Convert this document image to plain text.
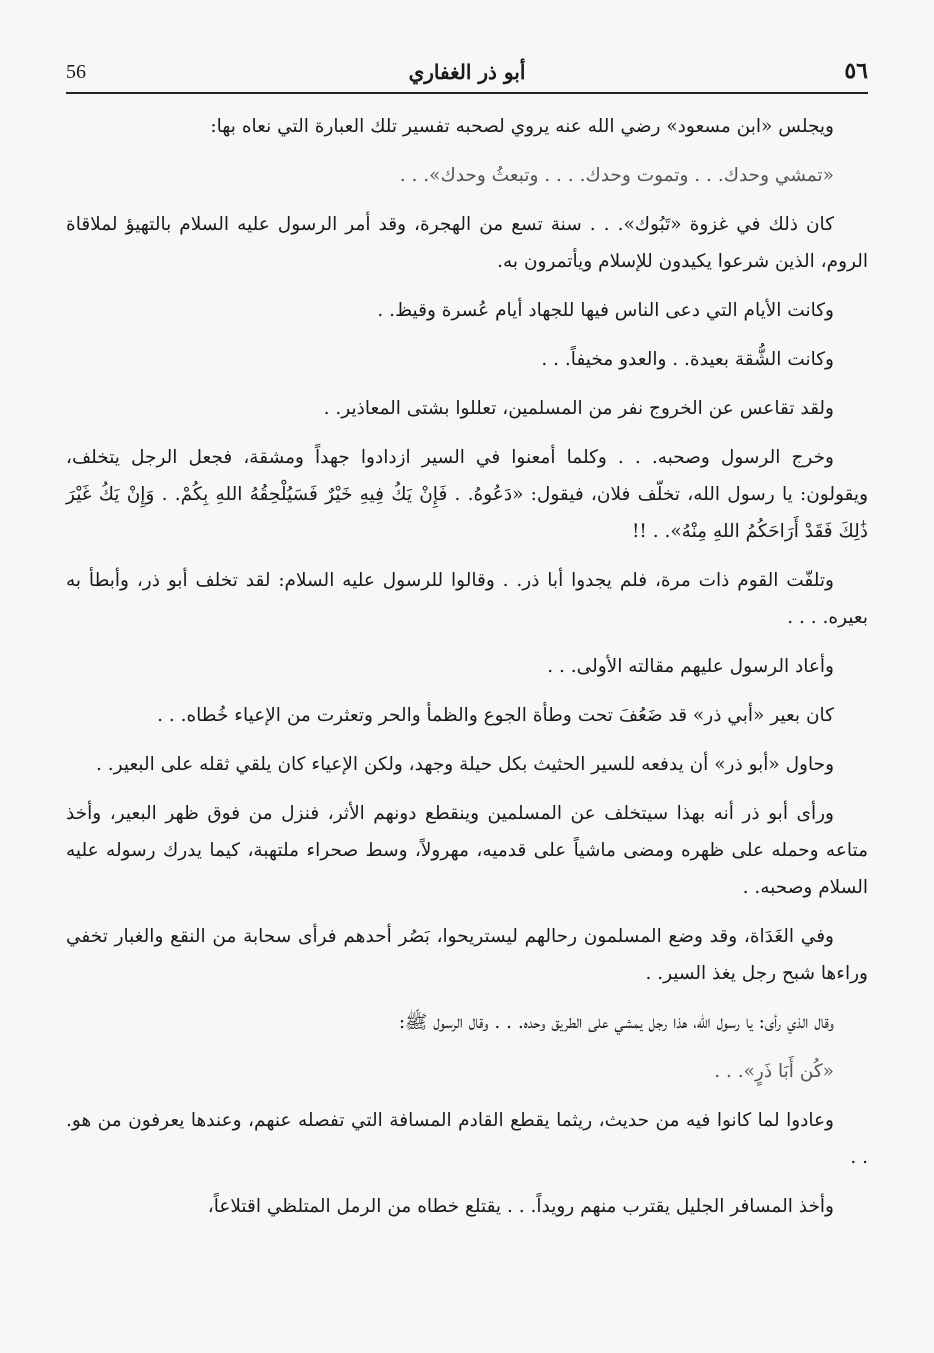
56	أبو ذر الغفاري	٥٦

ويجلس «ابن مسعود» رضي الله عنه يروي لصحبه تفسير تلك العبارة التي نعاه بها:

«تمشي وحدك. . . وتموت وحدك. . . . وتبعثُ وحدك». . .

كان ذلك في غزوة «تَبُوك». . . سنة تسع من الهجرة، وقد أمر الرسول عليه السلام بالتهيؤ لملاقاة الروم، الذين شرعوا يكيدون للإسلام ويأتمرون به.

وكانت الأيام التي دعى الناس فيها للجهاد أيام عُسرة وقيظ. .

وكانت الشُّقة بعيدة. . والعدو مخيفاً. . .

ولقد تقاعس عن الخروج نفر من المسلمين، تعللوا بشتى المعاذير. .

وخرج الرسول وصحبه. . . وكلما أمعنوا في السير ازدادوا جهداً ومشقة، فجعل الرجل يتخلف، ويقولون: يا رسول الله، تخلّف فلان، فيقول: «دَعُوهُ. . فَإِنْ يَكُ فِيهِ خَيْرٌ فَسَيُلْحِقُهُ اللهِ بِكُمْ. . وَإِنْ يَكُ غَيْرَ ذَٰلِكَ فَقَدْ أَرَاحَكُمُ اللهِ مِنْهُ». . !!

وتلفّت القوم ذات مرة، فلم يجدوا أبا ذر. . وقالوا للرسول عليه السلام: لقد تخلف أبو ذر، وأبطأ به بعيره. . . .

وأعاد الرسول عليهم مقالته الأولى. . .

كان بعير «أبي ذر» قد ضَعُفَ تحت وطأة الجوع والظمأ والحر وتعثرت من الإعياء خُطاه. . .

وحاول «أبو ذر» أن يدفعه للسير الحثيث بكل حيلة وجهد، ولكن الإعياء كان يلقي ثقله على البعير. .

ورأى أبو ذر أنه بهذا سيتخلف عن المسلمين وينقطع دونهم الأثر، فنزل من فوق ظهر البعير، وأخذ متاعه وحمله على ظهره ومضى ماشياً على قدميه، مهرولاً، وسط صحراء ملتهبة، كيما يدرك رسوله عليه السلام وصحبه. .

وفي الغَدَاة، وقد وضع المسلمون رحالهم ليستريحوا، بَصُر أحدهم فرأى سحابة من النقع والغبار تخفي وراءها شبح رجل يغذ السير. .

وقال الذي رأى: يا رسول الله، هذا رجل يمشي على الطريق وحده. . . وقال الرسول ﷺ:

«كُن أَبَا ذَرٍ». . .

وعادوا لما كانوا فيه من حديث، ريثما يقطع القادم المسافة التي تفصله عنهم، وعندها يعرفون من هو. . .

وأخذ المسافر الجليل يقترب منهم رويداً. . . يقتلع خطاه من الرمل المتلظي اقتلاعاً،
